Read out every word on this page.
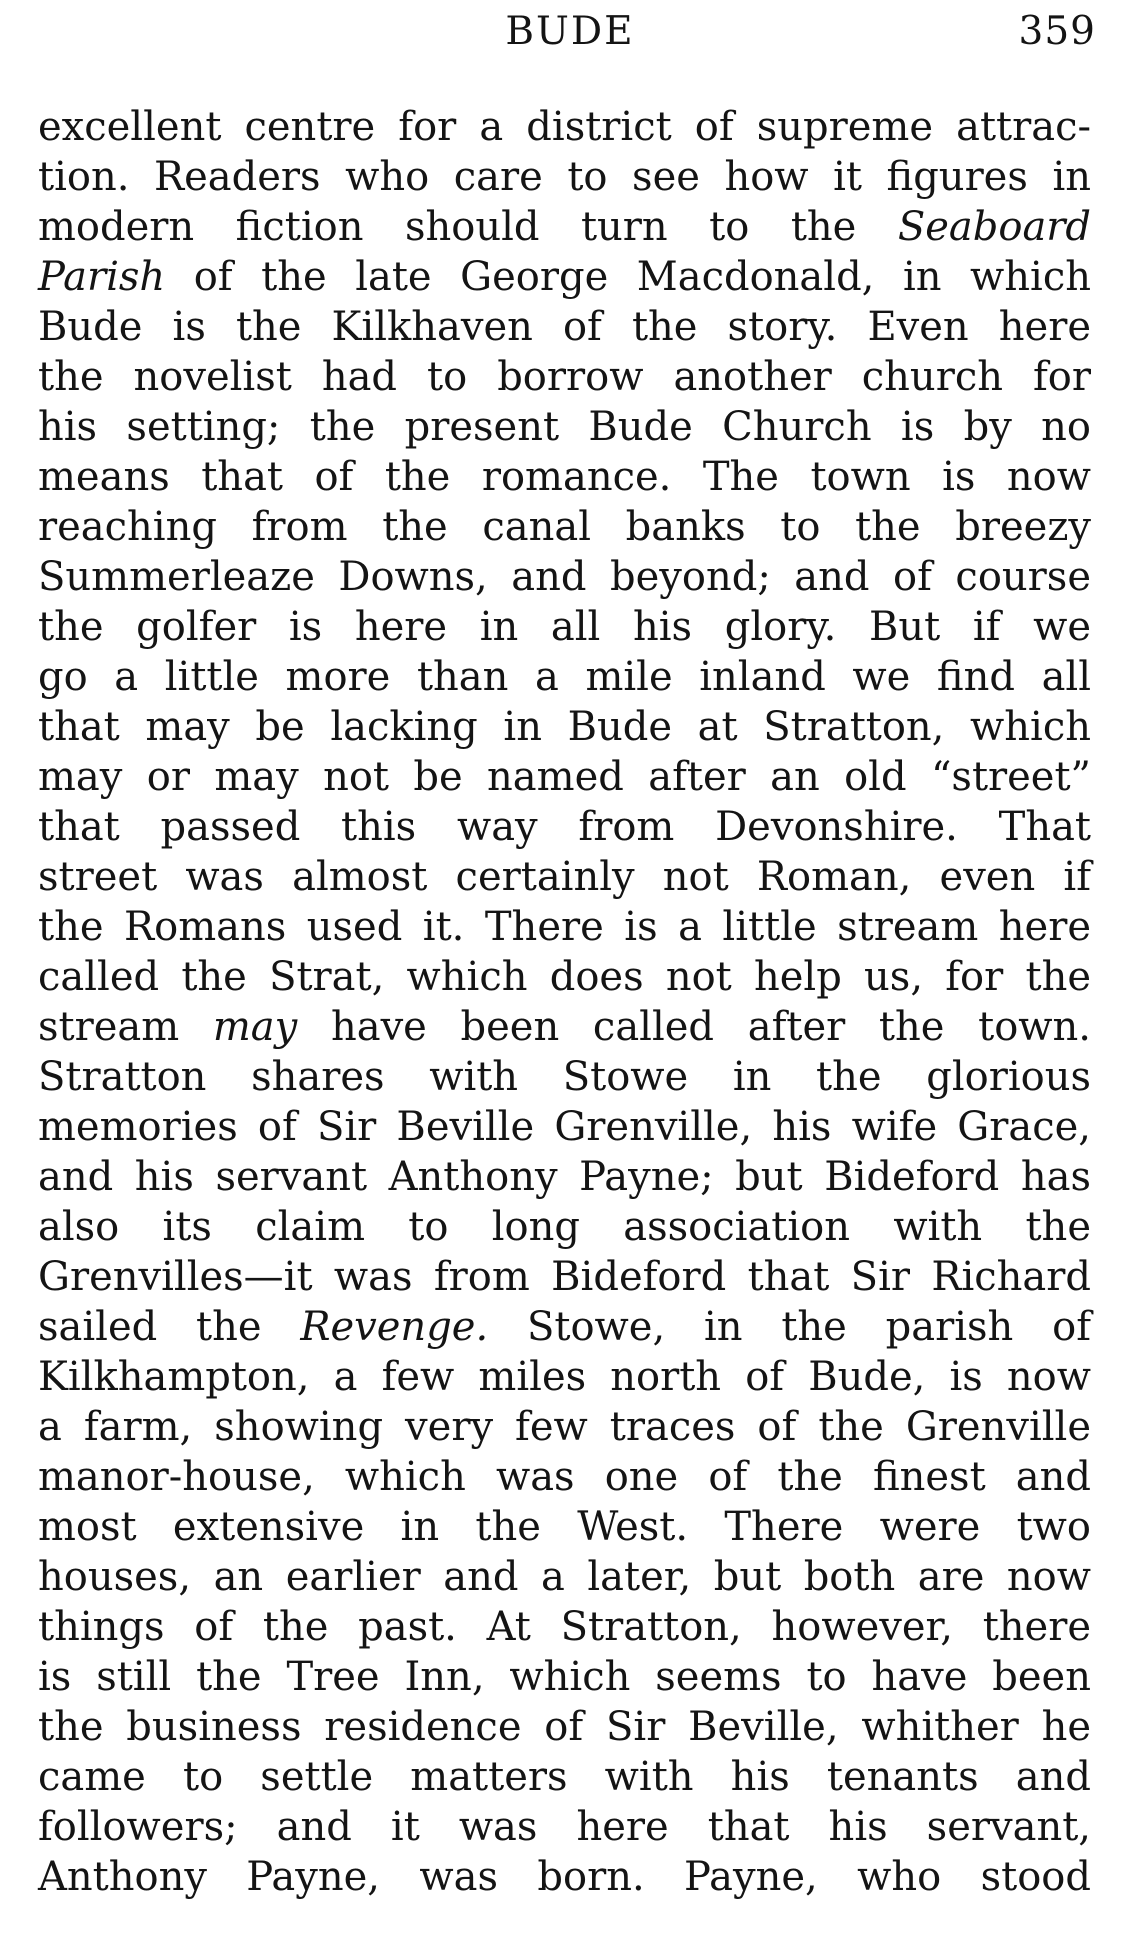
BUDE	359
excellent centre for a district of supreme attrac-
tion. Readers who care to see how it figures in
modern fiction should turn to the Seaboard
Parish of the late George Macdonald, in which
Bude is the Kilkhaven of the story. Even here
the novelist had to borrow another church for
his setting; the present Bude Church is by no
means that of the romance. The town is now
reaching from the canal banks to the breezy
Summerleaze Downs, and beyond; and of course
the golfer is here in all his glory. But if we
go a little more than a mile inland we find all
that may be lacking in Bude at Stratton, which
may or may not be named after an old “street”
that passed this way from Devonshire. That
street was almost certainly not Roman, even if
the Romans used it. There is a little stream here
called the Strat, which does not help us, for the
stream may have been called after the town.
Stratton shares with Stowe in the glorious
memories of Sir Beville Grenville, his wife Grace,
and his servant Anthony Payne; but Bideford has
also its claim to long association with the
Grenvilles—it was from Bideford that Sir Richard
sailed the Revenge. Stowe, in the parish of
Kilkhampton, a few miles north of Bude, is now
a farm, showing very few traces of the Grenville
manor-house, which was one of the finest and
most extensive in the West. There were two
houses, an earlier and a later, but both are now
things of the past. At Stratton, however, there
is still the Tree Inn, which seems to have been
the business residence of Sir Beville, whither he
came to settle matters with his tenants and
followers; and it was here that his servant,
Anthony Payne, was born. Payne, who stood
